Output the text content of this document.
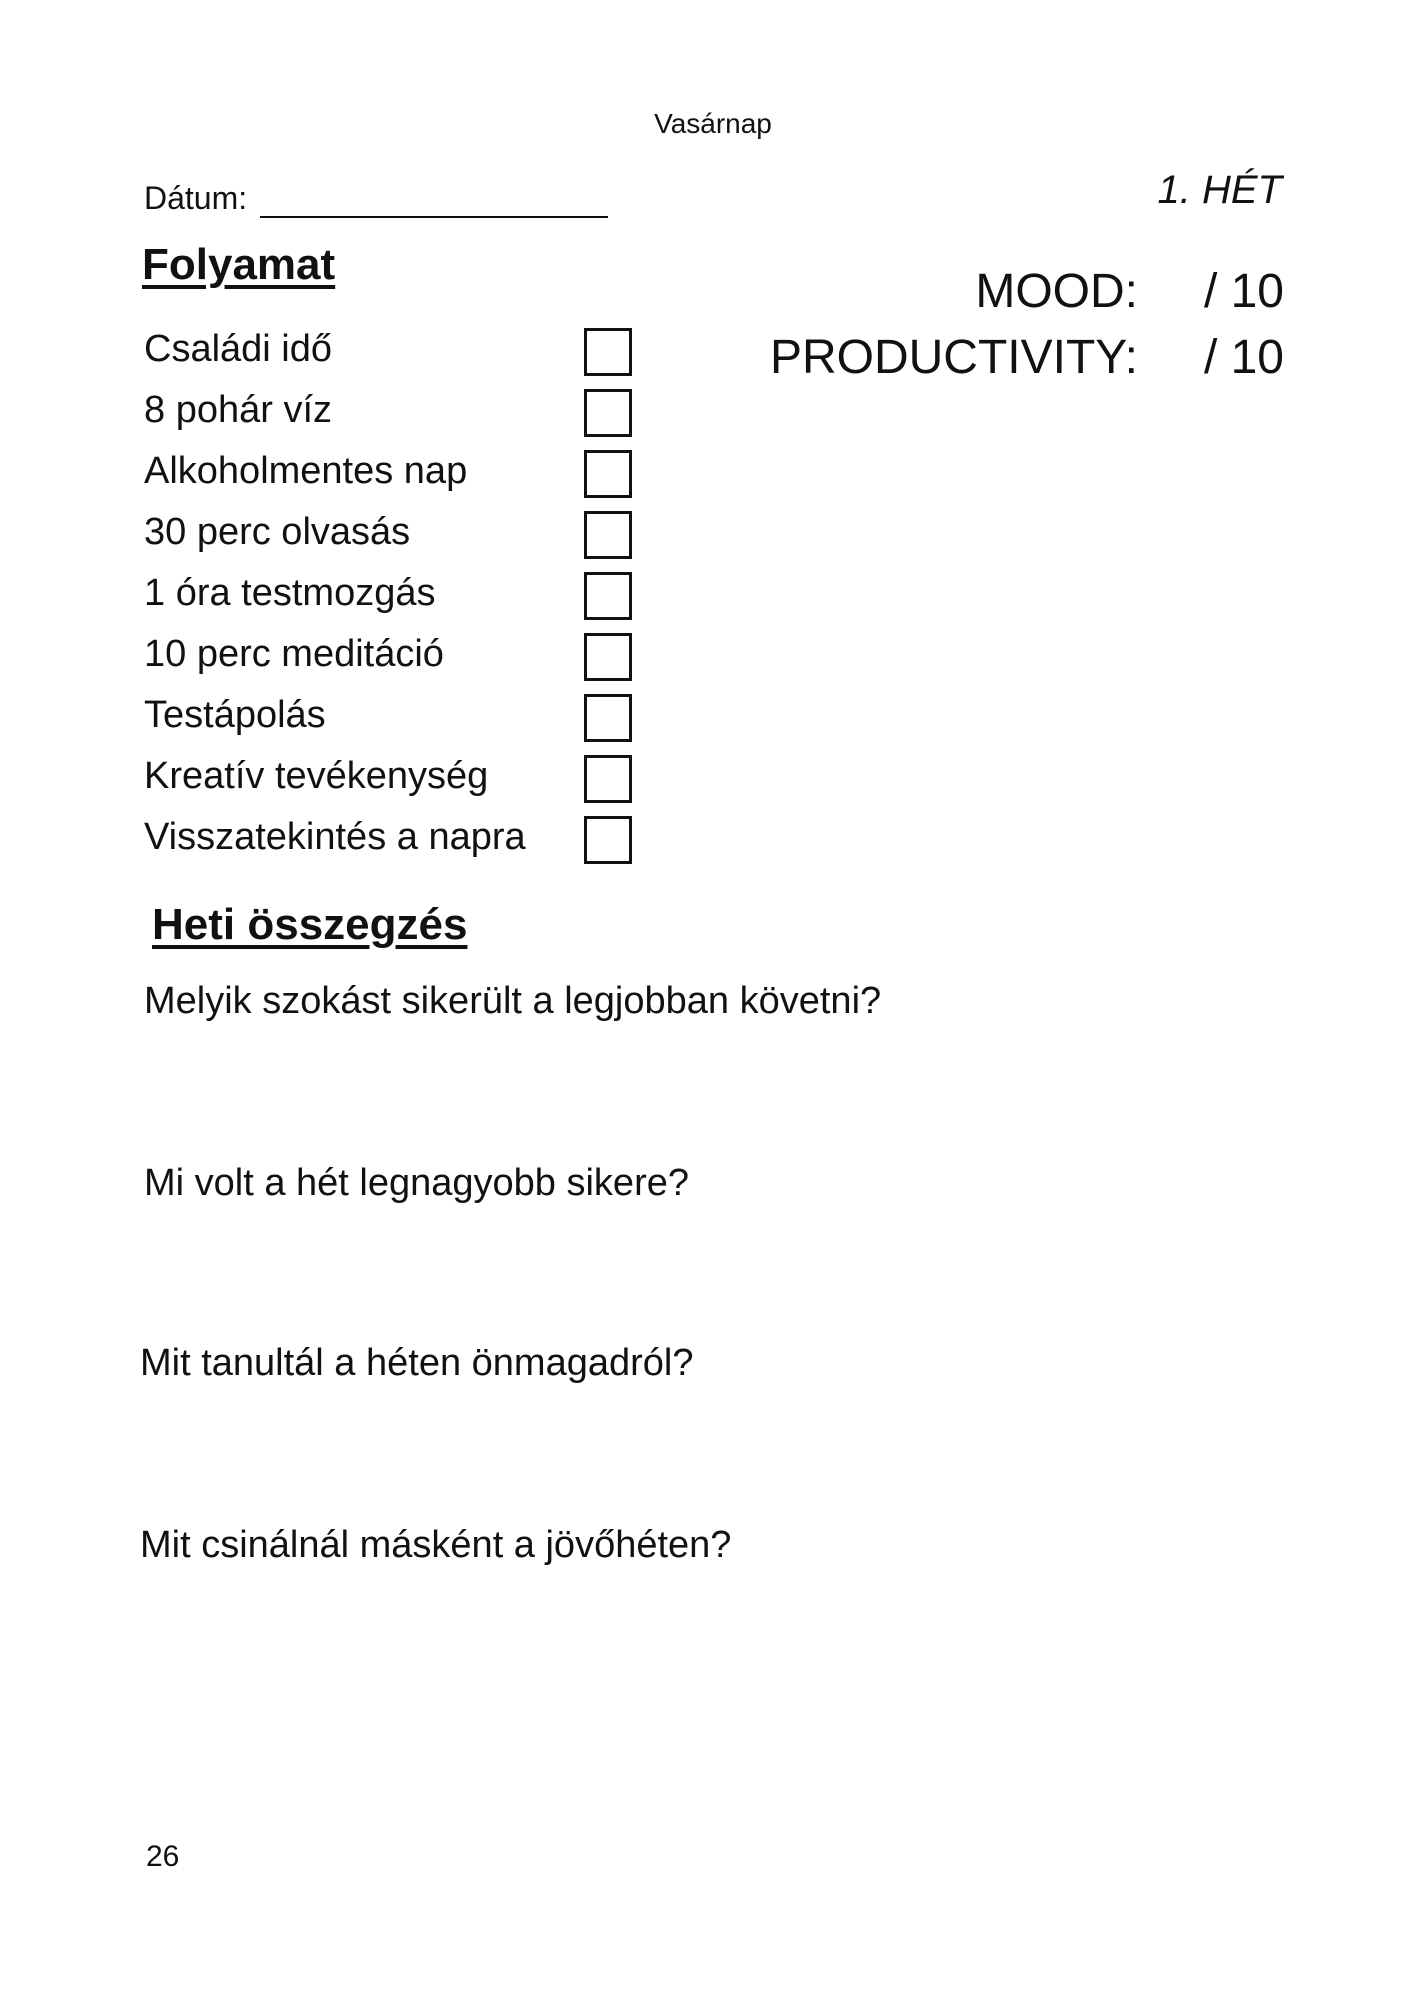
Vasárnap
Dátum:	1. HÉT
Folyamat
MOOD: / 10
PRODUCTIVITY: / 10
Családi idő
8 pohár víz
Alkoholmentes nap
30 perc olvasás
1 óra testmozgás
10 perc meditáció
Testápolás
Kreatív tevékenység
Visszatekintés a napra
Heti összegzés
Melyik szokást sikerült a legjobban követni?
Mi volt a hét legnagyobb sikere?
Mit tanultál a héten önmagadról?
Mit csinálnál másként a jövőhéten?
26
